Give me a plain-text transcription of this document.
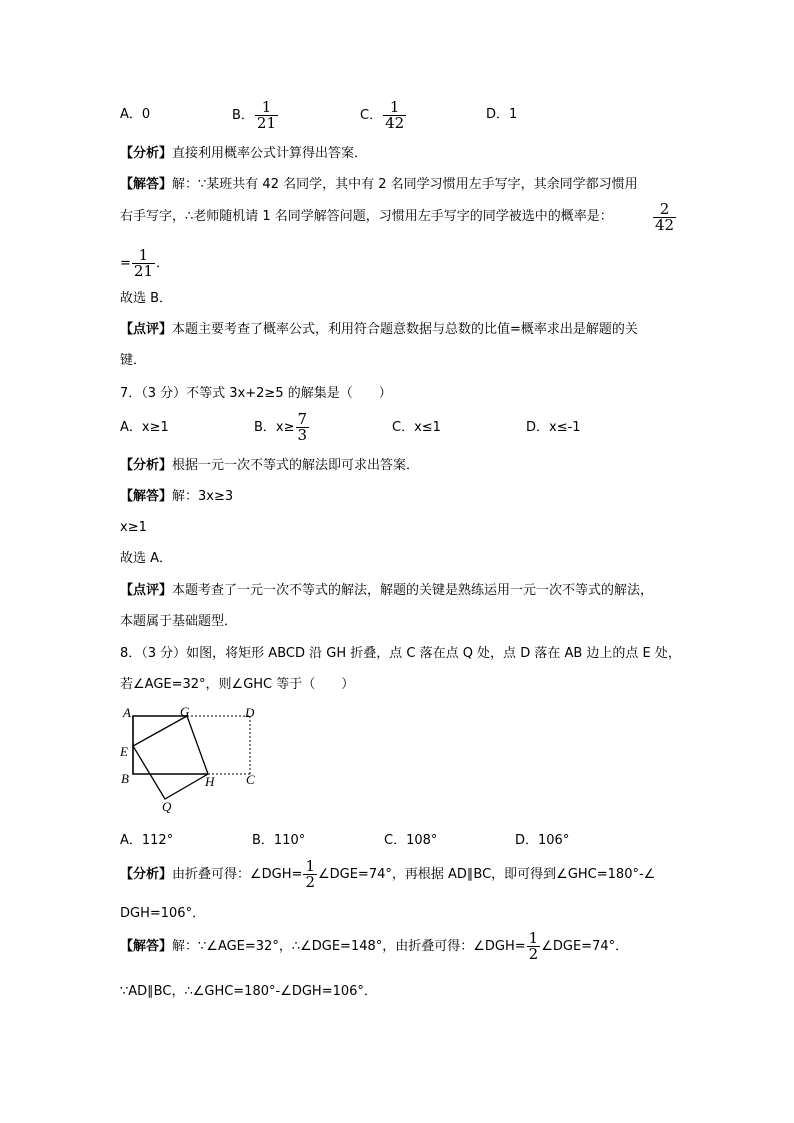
A．0	B． $\frac{1}{21}$	C． $\frac{1}{42}$	D．1
【分析】直接利用概率公式计算得出答案．
【解答】解：∵某班共有 42 名同学，其中有 2 名同学习惯用左手写字，其余同学都习惯用
右手写字，∴老师随机请 1 名同学解答问题，习惯用左手写字的同学被选中的概率是：	$\frac{2}{42}$
= $\frac{1}{21}$ ．
故选 B．
【点评】本题主要考查了概率公式，利用符合题意数据与总数的比值=概率求出是解题的关
键．
7．（3 分）不等式 3x+2≥5 的解集是（　　）
A．x≥1	B．$x\ge \frac{7}{3}$	C．x≤1	D．x≤-1
【分析】根据一元一次不等式的解法即可求出答案．
【解答】解：3x≥3
x≥1
故选 A．
【点评】本题考查了一元一次不等式的解法，解题的关键是熟练运用一元一次不等式的解法，
本题属于基础题型．
8．（3 分）如图，将矩形 ABCD 沿 GH 折叠，点 C 落在点 Q 处，点 D 落在 AB 边上的点 E 处，
若∠AGE=32°，则∠GHC 等于（　　）
A	G	D
E
B	H C
Q
A．112°	B．110°	C．108°	D．106°
【分析】由折叠可得：∠DGH= $\frac{1}{2}$ ∠DGE=74°，再根据 AD∥BC，即可得到∠GHC=180°-∠
DGH=106°．
【解答】解：∵∠AGE=32°，∴∠DGE=148°，由折叠可得：∠DGH= $\frac{1}{2}$ ∠DGE=74°．
∵AD∥BC，∴∠GHC=180°-∠DGH=106°．
